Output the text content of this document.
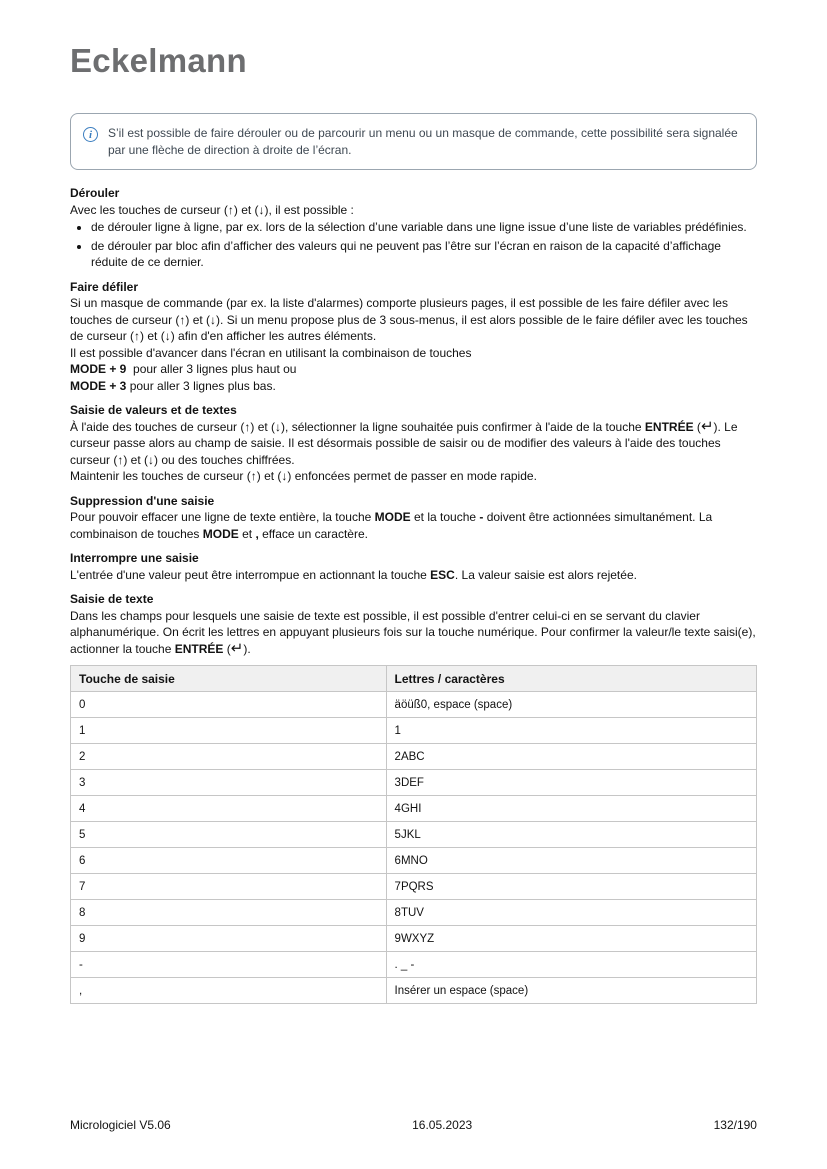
Eckelmann
i	S’il est possible de faire dérouler ou de parcourir un menu ou un masque de commande, cette possibilité sera signalée par une flèche de direction à droite de l’écran.

Dérouler

Avec les touches de curseur (↑) et (↓), il est possible :

• de dérouler ligne à ligne, par ex. lors de la sélection d’une variable dans une ligne issue d’une liste de variables prédéfinies.
• de dérouler par bloc afin d’afficher des valeurs qui ne peuvent pas l’être sur l’écran en raison de la capacité d’affichage réduite de ce dernier.
Faire défiler

Si un masque de commande (par ex. la liste d'alarmes) comporte plusieurs pages, il est possible de les faire défiler avec les touches de curseur (↑) et (↓). Si un menu propose plus de 3 sous-menus, il est alors possible de le faire défiler avec les touches de curseur (↑) et (↓) afin d'en afficher les autres éléments.

Il est possible d'avancer dans l'écran en utilisant la combinaison de touches

MODE + 9  pour aller 3 lignes plus haut ou

MODE + 3 pour aller 3 lignes plus bas.

Saisie de valeurs et de textes

À l'aide des touches de curseur (↑) et (↓), sélectionner la ligne souhaitée puis confirmer à l'aide de la touche ENTRÉE (↵). Le curseur passe alors au champ de saisie. Il est désormais possible de saisir ou de modifier des valeurs à l'aide des touches curseur (↑) et (↓) ou des touches chiffrées.

Maintenir les touches de curseur (↑) et (↓) enfoncées permet de passer en mode rapide.

Suppression d'une saisie

Pour pouvoir effacer une ligne de texte entière, la touche MODE et la touche - doivent être actionnées simultanément. La combinaison de touches MODE et , efface un caractère.

Interrompre une saisie

L'entrée d'une valeur peut être interrompue en actionnant la touche ESC. La valeur saisie est alors rejetée.

Saisie de texte

Dans les champs pour lesquels une saisie de texte est possible, il est possible d'entrer celui-ci en se servant du clavier alphanumérique. On écrit les lettres en appuyant plusieurs fois sur la touche numérique. Pour confirmer la valeur/le texte saisi(e), actionner la touche ENTRÉE (↵).

Touche de saisie	Lettres / caractères
0	äöüß0, espace (space)
1	1
2	2ABC
3	3DEF
4	4GHI
5	5JKL
6	6MNO
7	7PQRS
8	8TUV
9	9WXYZ
-	. _ -
,	Insérer un espace (space)
Micrologiciel V5.06	16.05.2023	132/190
